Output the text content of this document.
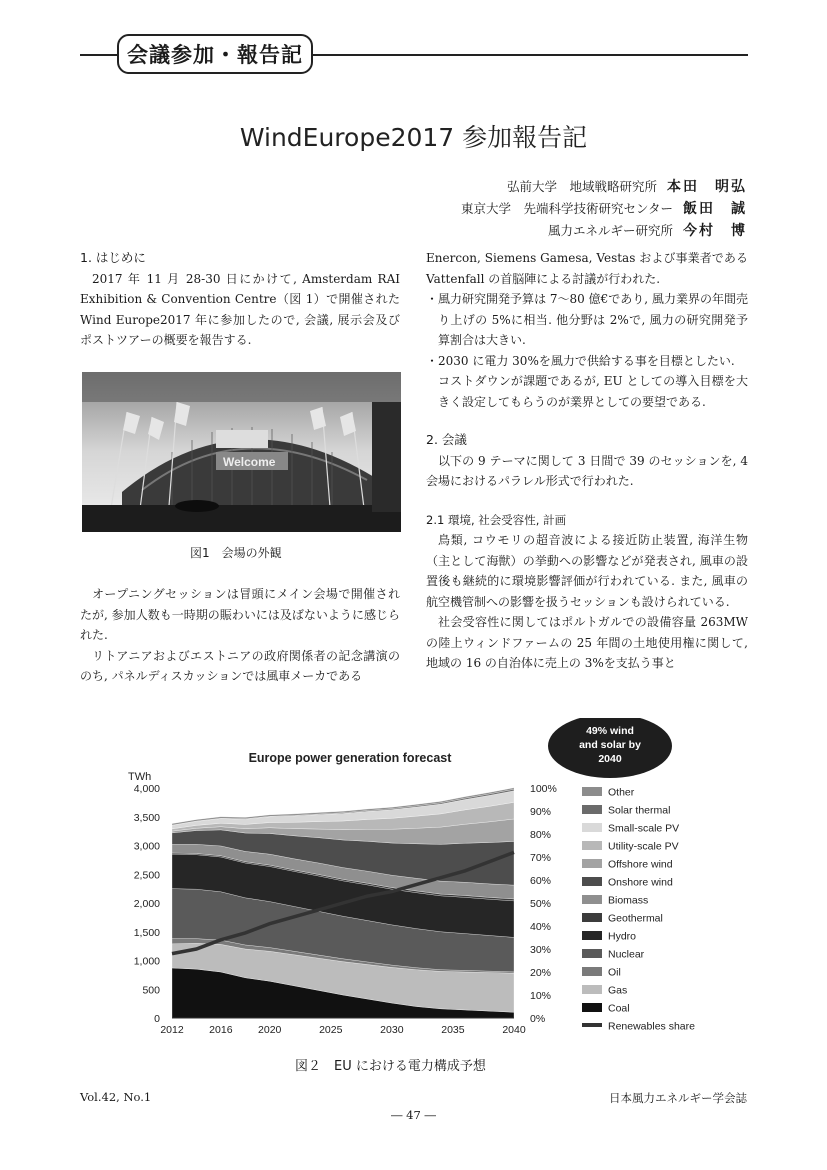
会議参加・報告記
WindEurope2017 参加報告記
弘前大学　地域戦略研究所 本田　明弘
東京大学　先端科学技術研究センター 飯田　誠
風力エネルギー研究所 今村　博

1. はじめに

2017 年 11 月 28-30 日にかけて, Amsterdam RAI Exhibition & Convention Centre（図 1）で開催された Wind Europe2017 年に参加したので, 会議, 展示会及びポストツアーの概要を報告する.

Welcome
図1　会場の外観

オープニングセッションは冒頭にメイン会場で開催されたが, 参加人数も一時期の賑わいには及ばないように感じられた.

リトアニアおよびエストニアの政府関係者の記念講演ののち, パネルディスカッションでは風車メーカである

Enercon, Siemens Gamesa, Vestas および事業者である Vattenfall の首脳陣による討議が行われた.

・風力研究開発予算は 7～80 億€であり, 風力業界の年間売り上げの 5%に相当. 他分野は 2%で, 風力の研究開発予算割合は大きい.

・2030 に電力 30%を風力で供給する事を目標としたい.

コストダウンが課題であるが, EU としての導入目標を大きく設定してもらうのが業界としての要望である.

2. 会議

以下の 9 テーマに関して 3 日間で 39 のセッションを, 4会場におけるパラレル形式で行われた.

2.1 環境, 社会受容性, 計画

鳥類, コウモリの超音波による接近防止装置, 海洋生物（主として海獣）の挙動への影響などが発表され, 風車の設置後も継続的に環境影響評価が行われている. また, 風車の航空機管制への影響を扱うセッションも設けられている.

社会受容性に関してはポルトガルでの設備容量 263MW の陸上ウィンドファームの 25 年間の土地使用権に関して, 地域の 16 の自治体に売上の 3%を支払う事と

49% wind
and solar by
2040
Europe power generation forecast
TWh
0
500
1,000
1,500
2,000
2,500
3,000
3,500
4,000
0%
10%
20%
30%
40%
50%
60%
70%
80%
90%
100%
2012 2016 2020	2025	2030	2035	2040
Other
Solar thermal
Small-scale PV
Utility-scale PV
Offshore wind
Onshore wind
Biomass
Geothermal
Hydro
Nuclear
Oil
Gas
Coal
Renewables share
図２　EU における電力構成予想
Vol.42, No.1	日本風力エネルギー学会誌
― 47 ―
